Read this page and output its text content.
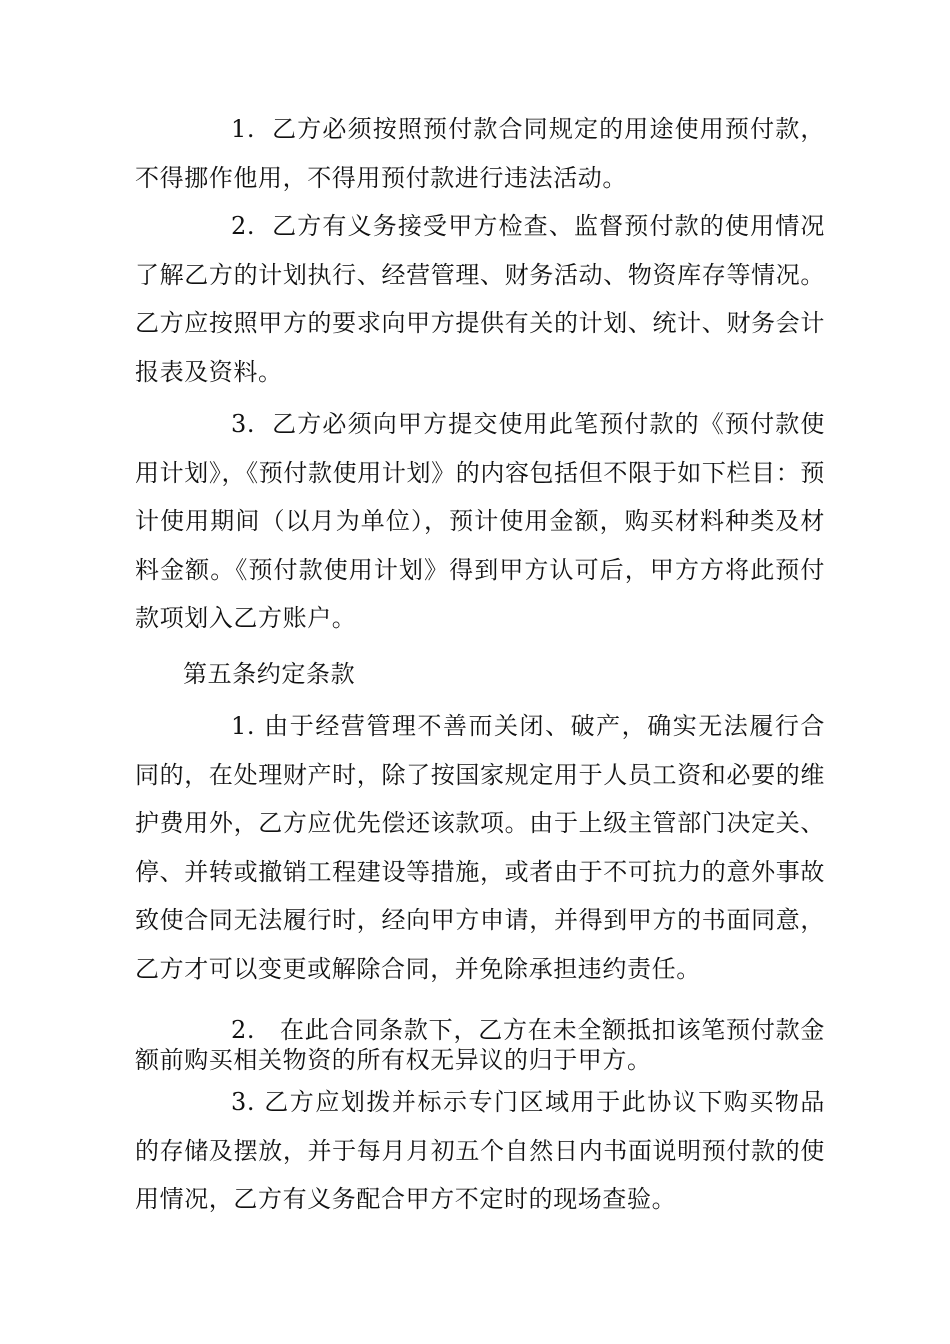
1.  乙方必须按照预付款合同规定的用途使用预付款，不得挪作他用，不得用预付款进行违法活动。

2.  乙方有义务接受甲方检查、监督预付款的使用情况了解乙方的计划执行、经营管理、财务活动、物资库存等情况。乙方应按照甲方的要求向甲方提供有关的计划、统计、财务会计报表及资料。

3.  乙方必须向甲方提交使用此笔预付款的《预付款使用计划》，《预付款使用计划》的内容包括但不限于如下栏目：预计使用期间（以月为单位），预计使用金额，购买材料种类及材料金额。《预付款使用计划》得到甲方认可后，甲方方将此预付款项划入乙方账户。

第五条约定条款

1. 由于经营管理不善而关闭、破产，确实无法履行合同的，在处理财产时，除了按国家规定用于人员工资和必要的维护费用外，乙方应优先偿还该款项。由于上级主管部门决定关、停、并转或撤销工程建设等措施，或者由于不可抗力的意外事故致使合同无法履行时，经向甲方申请，并得到甲方的书面同意，乙方才可以变更或解除合同，并免除承担违约责任。

2.   在此合同条款下，乙方在未全额抵扣该笔预付款金额前购买相关物资的所有权无异议的归于甲方。

3. 乙方应划拨并标示专门区域用于此协议下购买物品的存储及摆放，并于每月月初五个自然日内书面说明预付款的使用情况，乙方有义务配合甲方不定时的现场查验。
